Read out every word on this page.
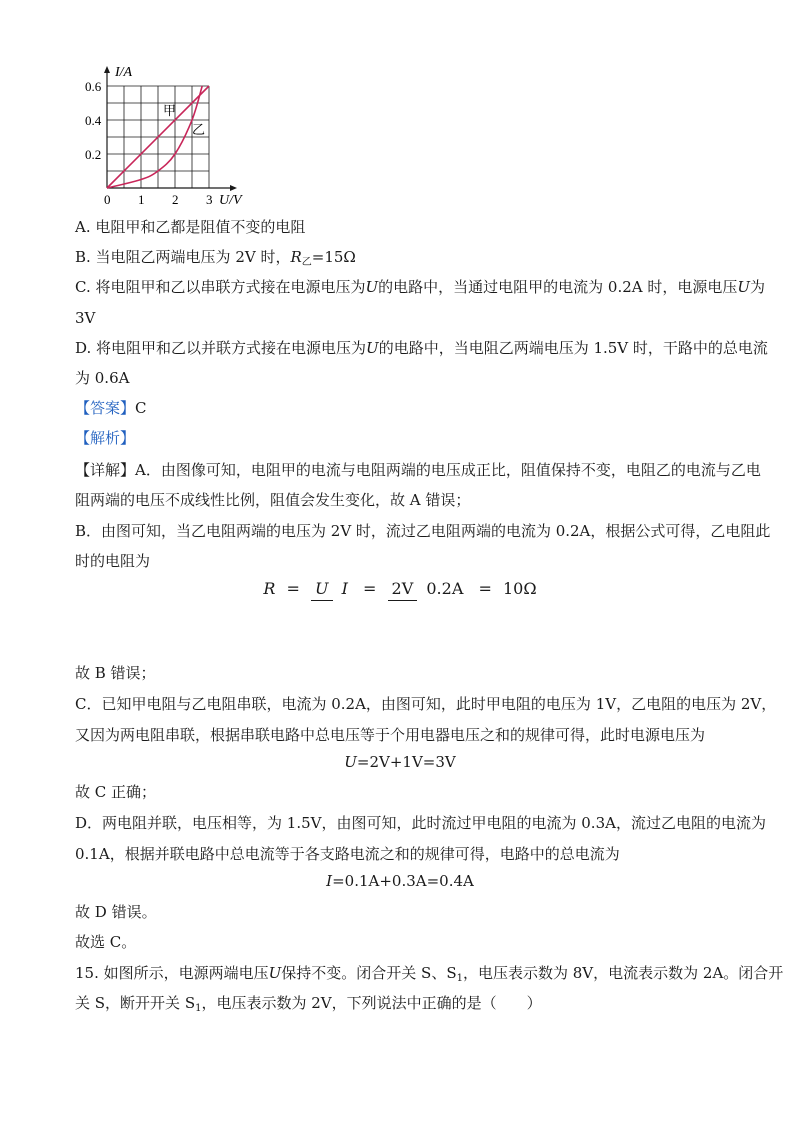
I/A
U/V
0.6
0.4
0.2
0 1 2 3
甲
乙
A. 电阻甲和乙都是阻值不变的电阻
B. 当电阻乙两端电压为 2V 时，$R_乙=15\Omega$
C. 将电阻甲和乙以串联方式接在电源电压为U的电路中，当通过电阻甲的电流为 0.2A 时，电源电压U为
3V
D. 将电阻甲和乙以并联方式接在电源电压为U的电路中，当电阻乙两端电压为 1.5V 时，干路中的总电流
为 0.6A
【答案】C
【解析】
【详解】A．由图像可知，电阻甲的电流与电阻两端的电压成正比，阻值保持不变，电阻乙的电流与乙电
阻两端的电压不成线性比例，阻值会发生变化，故 A 错误；
B．由图可知，当乙电阻两端的电压为 2V 时，流过乙电阻两端的电流为 0.2A，根据公式可得，乙电阻此
时的电阻为
R = U I = 2V 0.2A = 10Ω
故 B 错误；
C．已知甲电阻与乙电阻串联，电流为 0.2A，由图可知，此时甲电阻的电压为 1V，乙电阻的电压为 2V，
又因为两电阻串联，根据串联电路中总电压等于个用电器电压之和的规律可得，此时电源电压为
U=2V+1V=3V
故 C 正确；
D．两电阻并联，电压相等，为 1.5V，由图可知，此时流过甲电阻的电流为 0.3A，流过乙电阻的电流为
0.1A，根据并联电路中总电流等于各支路电流之和的规律可得，电路中的总电流为
I=0.1A+0.3A=0.4A
故 D 错误。
故选 C。
15. 如图所示，电源两端电压U保持不变。闭合开关 S、$S_1$，电压表示数为 8V，电流表示数为 2A。闭合开
关 S，断开开关 $S_1$，电压表示数为 2V，下列说法中正确的是（　　）
